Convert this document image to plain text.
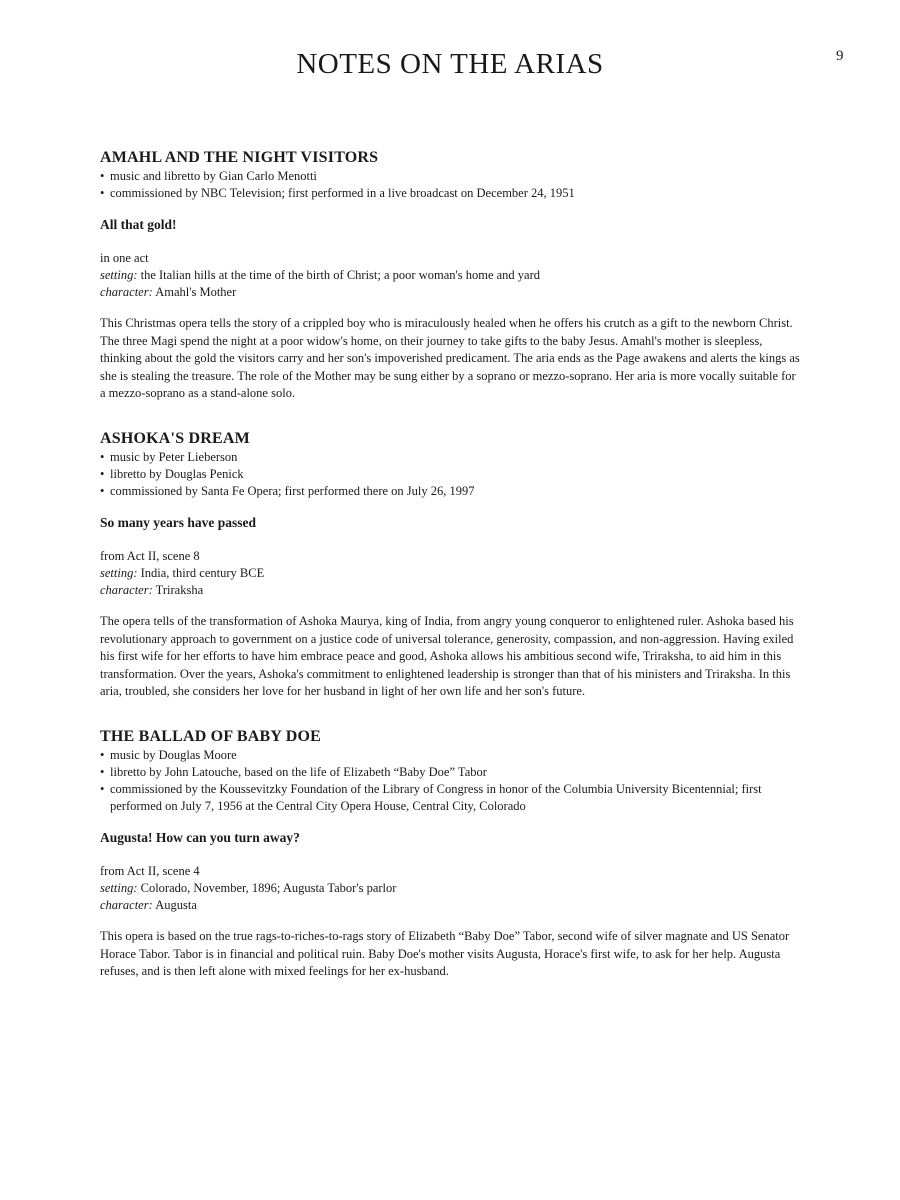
NOTES ON THE ARIAS	9
AMAHL AND THE NIGHT VISITORS
• music and libretto by Gian Carlo Menotti
• commissioned by NBC Television; first performed in a live broadcast on December 24, 1951
All that gold!
in one act
setting: the Italian hills at the time of the birth of Christ; a poor woman's home and yard
character: Amahl's Mother

This Christmas opera tells the story of a crippled boy who is miraculously healed when he offers his crutch as a gift to the newborn Christ. The three Magi spend the night at a poor widow's home, on their journey to take gifts to the baby Jesus. Amahl's mother is sleepless, thinking about the gold the visitors carry and her son's impoverished predicament. The aria ends as the Page awakens and alerts the kings as she is stealing the treasure. The role of the Mother may be sung either by a soprano or mezzo-soprano. Her aria is more vocally suitable for a mezzo-soprano as a stand-alone solo.

ASHOKA'S DREAM
• music by Peter Lieberson
• libretto by Douglas Penick
• commissioned by Santa Fe Opera; first performed there on July 26, 1997
So many years have passed
from Act II, scene 8
setting: India, third century BCE
character: Triraksha

The opera tells of the transformation of Ashoka Maurya, king of India, from angry young conqueror to enlightened ruler. Ashoka based his revolutionary approach to government on a justice code of universal tolerance, generosity, compassion, and non-aggression. Having exiled his first wife for her efforts to have him embrace peace and good, Ashoka allows his ambitious second wife, Triraksha, to aid him in this transformation. Over the years, Ashoka's commitment to enlightened leadership is stronger than that of his ministers and Triraksha. In this aria, troubled, she considers her love for her husband in light of her own life and her son's future.

THE BALLAD OF BABY DOE
• music by Douglas Moore
• libretto by John Latouche, based on the life of Elizabeth “Baby Doe” Tabor
• commissioned by the Koussevitzky Foundation of the Library of Congress in honor of the Columbia University Bicentennial; first performed on July 7, 1956 at the Central City Opera House, Central City, Colorado
Augusta! How can you turn away?
from Act II, scene 4
setting: Colorado, November, 1896; Augusta Tabor's parlor
character: Augusta

This opera is based on the true rags-to-riches-to-rags story of Elizabeth “Baby Doe” Tabor, second wife of silver magnate and US Senator Horace Tabor. Tabor is in financial and political ruin. Baby Doe's mother visits Augusta, Horace's first wife, to ask for her help. Augusta refuses, and is then left alone with mixed feelings for her ex-husband.
